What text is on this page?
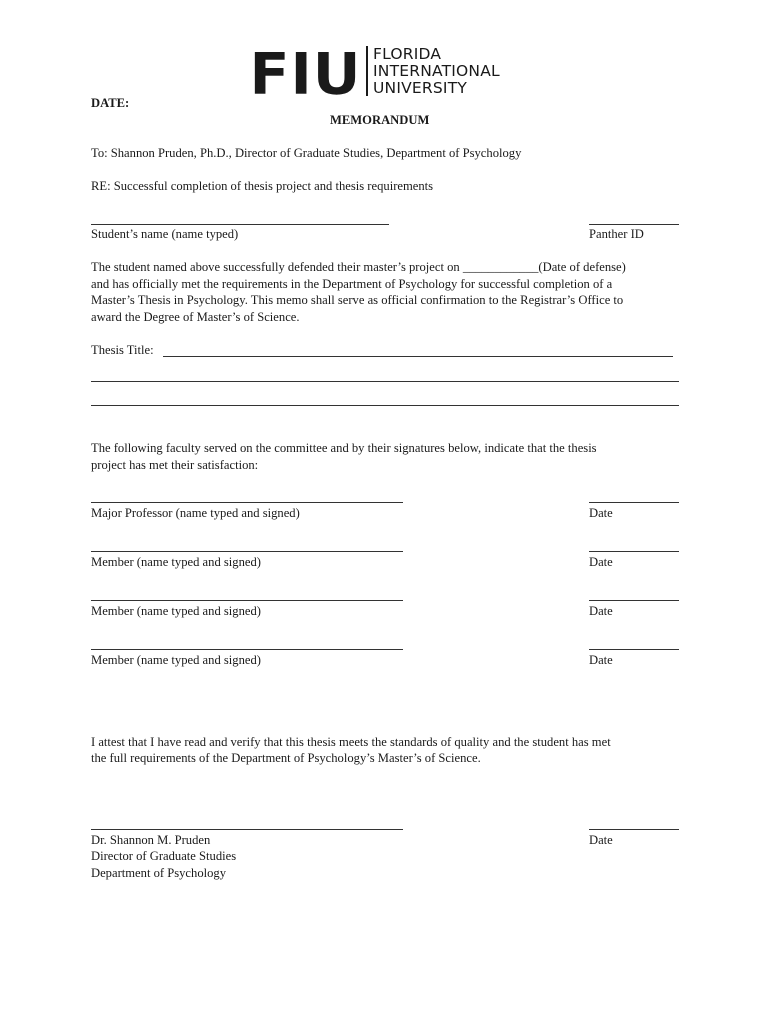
FIU FLORIDA
INTERNATIONAL
UNIVERSITY
DATE:
MEMORANDUM
To: Shannon Pruden, Ph.D., Director of Graduate Studies, Department of Psychology
RE: Successful completion of thesis project and thesis requirements
Student’s name (name typed)	Panther ID
The student named above successfully defended their master’s project on ____________(Date of defense)
and has officially met the requirements in the Department of Psychology for successful completion of a
Master’s Thesis in Psychology. This memo shall serve as official confirmation to the Registrar’s Office to
award the Degree of Master’s of Science.
Thesis Title:
The following faculty served on the committee and by their signatures below, indicate that the thesis
project has met their satisfaction:
Major Professor (name typed and signed)	Date
Member (name typed and signed)	Date
Member (name typed and signed)	Date
Member (name typed and signed)	Date
I attest that I have read and verify that this thesis meets the standards of quality and the student has met
the full requirements of the Department of Psychology’s Master’s of Science.
Dr. Shannon M. Pruden	Date
Director of Graduate Studies
Department of Psychology
